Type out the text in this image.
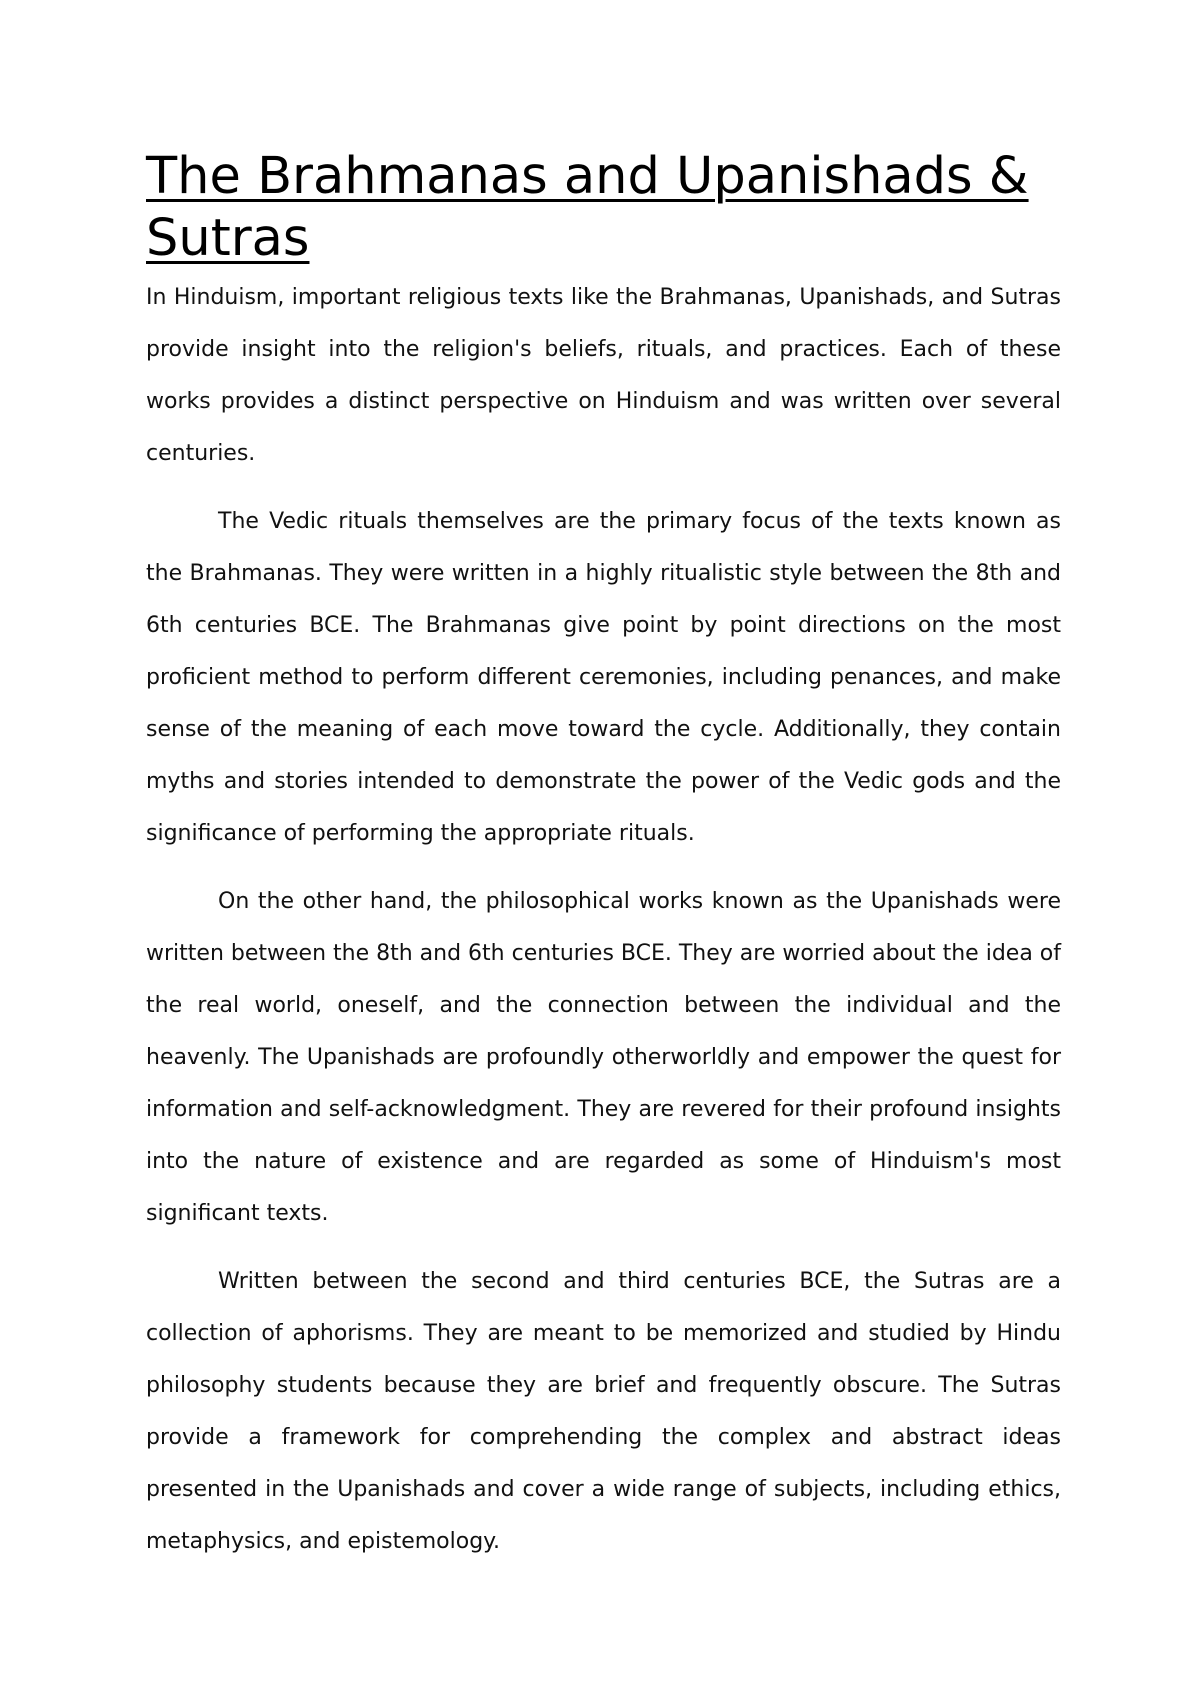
The Brahmanas and Upanishads & Sutras

In Hinduism, important religious texts like the Brahmanas, Upanishads, and Sutras provide insight into the religion's beliefs, rituals, and practices. Each of these works provides a distinct perspective on Hinduism and was written over several centuries.

The Vedic rituals themselves are the primary focus of the texts known as the Brahmanas. They were written in a highly ritualistic style between the 8th and 6th centuries BCE. The Brahmanas give point by point directions on the most proficient method to perform different ceremonies, including penances, and make sense of the meaning of each move toward the cycle. Additionally, they contain myths and stories intended to demonstrate the power of the Vedic gods and the significance of performing the appropriate rituals.

On the other hand, the philosophical works known as the Upanishads were written between the 8th and 6th centuries BCE. They are worried about the idea of the real world, oneself, and the connection between the individual and the heavenly. The Upanishads are profoundly otherworldly and empower the quest for information and self-acknowledgment. They are revered for their profound insights into the nature of existence and are regarded as some of Hinduism's most significant texts.

Written between the second and third centuries BCE, the Sutras are a collection of aphorisms. They are meant to be memorized and studied by Hindu philosophy students because they are brief and frequently obscure. The Sutras provide a framework for comprehending the complex and abstract ideas presented in the Upanishads and cover a wide range of subjects, including ethics, metaphysics, and epistemology.
